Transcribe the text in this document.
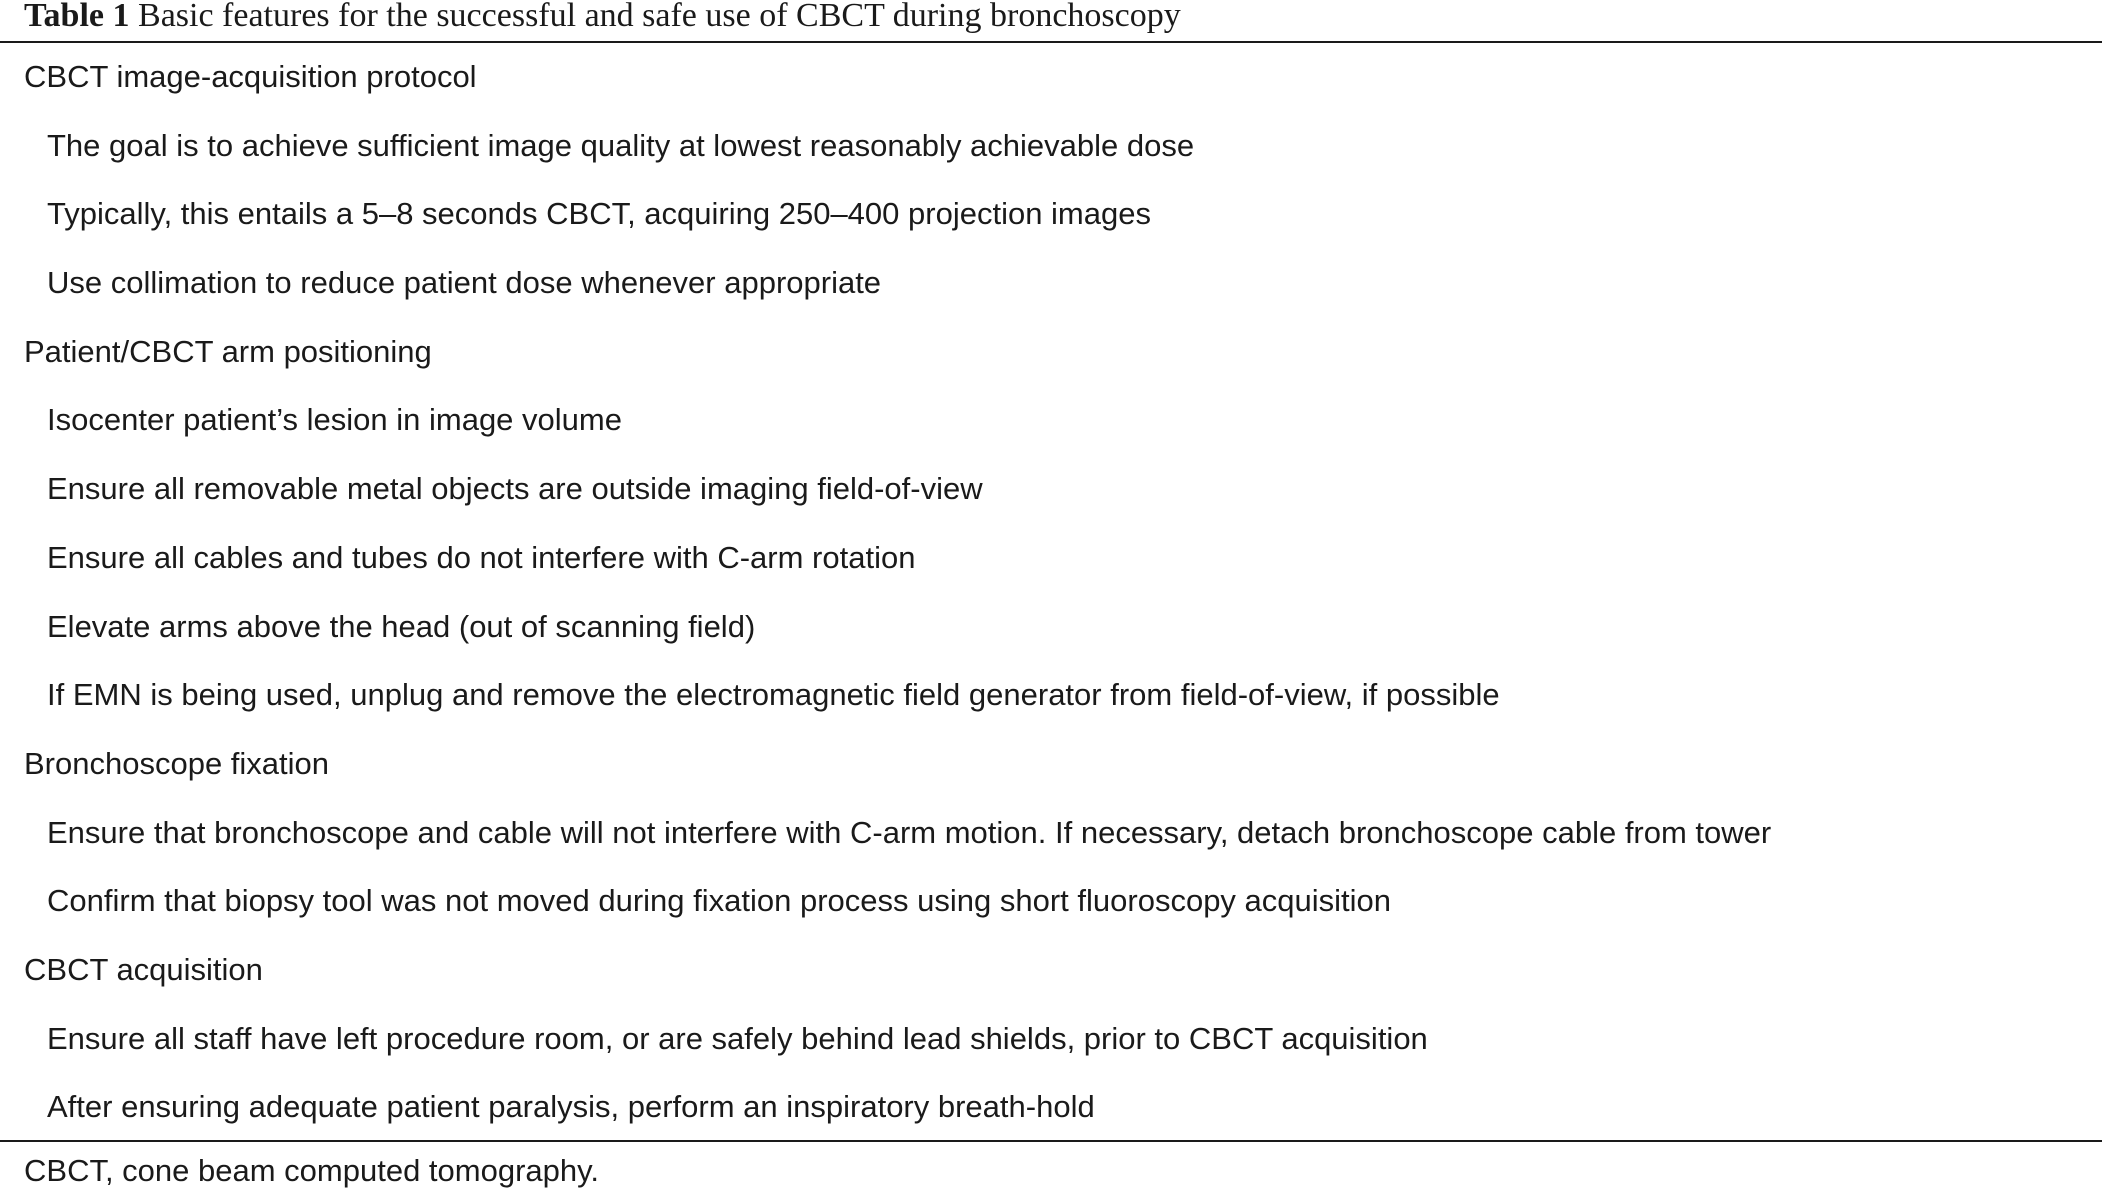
Table 1 Basic features for the successful and safe use of CBCT during bronchoscopy
CBCT image-acquisition protocol
The goal is to achieve sufficient image quality at lowest reasonably achievable dose
Typically, this entails a 5–8 seconds CBCT, acquiring 250–400 projection images
Use collimation to reduce patient dose whenever appropriate
Patient/CBCT arm positioning
Isocenter patient’s lesion in image volume
Ensure all removable metal objects are outside imaging field-of-view
Ensure all cables and tubes do not interfere with C-arm rotation
Elevate arms above the head (out of scanning field)
If EMN is being used, unplug and remove the electromagnetic field generator from field-of-view, if possible
Bronchoscope fixation
Ensure that bronchoscope and cable will not interfere with C-arm motion. If necessary, detach bronchoscope cable from tower
Confirm that biopsy tool was not moved during fixation process using short fluoroscopy acquisition
CBCT acquisition
Ensure all staff have left procedure room, or are safely behind lead shields, prior to CBCT acquisition
After ensuring adequate patient paralysis, perform an inspiratory breath-hold
CBCT, cone beam computed tomography.
